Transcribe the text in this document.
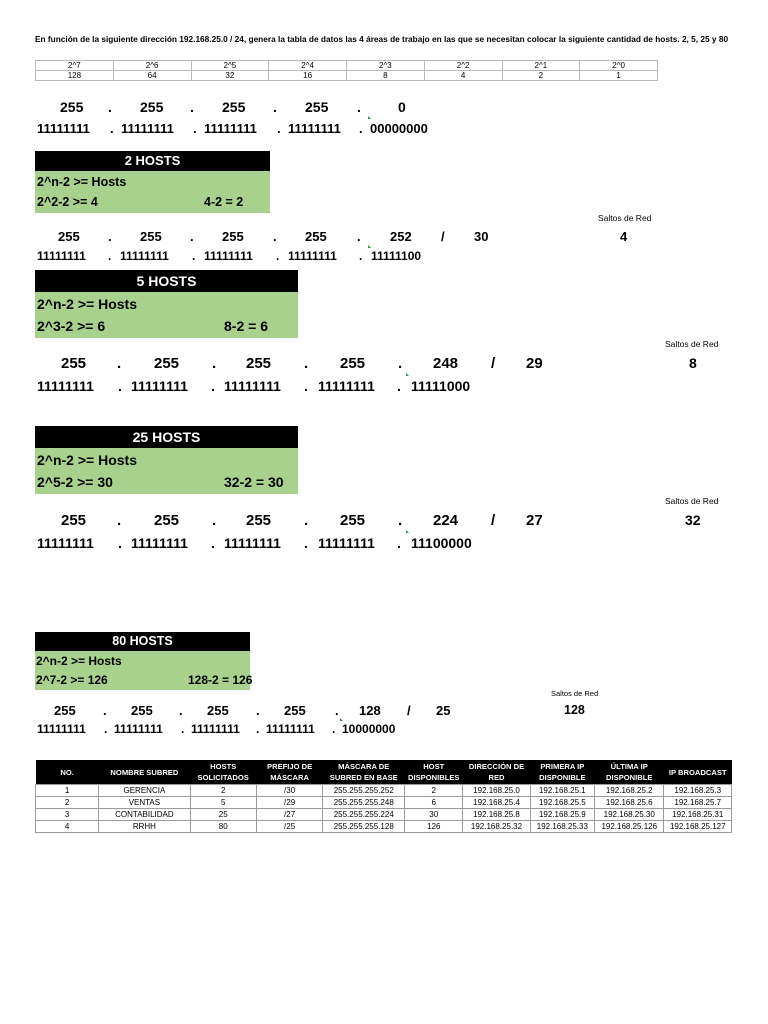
En función de la siguiente dirección 192.168.25.0 / 24, genera la tabla de datos las 4 áreas de trabajo en las que se necesitan colocar la siguiente cantidad de hosts. 2, 5, 25 y 80
2^7	2^6	2^5	2^4	2^3	2^2	2^1	2^0
128	64	32	16	8	4	2	1
255 . 255 . 255 . 255 .	0
11111111 . 11111111 . 11111111 . 11111111 . 00000000
2 HOSTS
2^n-2 >= Hosts
2^2-2 >= 4	4-2 = 2
Saltos de Red
4
255 . 255 . 255 . 255 . 252 / 30
11111111 . 11111111 . 11111111 . 11111111 . 11111100
5 HOSTS
2^n-2 >= Hosts
2^3-2 >= 6	8-2 = 6
Saltos de Red
8
255 . 255 . 255 . 255 . 248 / 29
11111111 . 11111111 . 11111111 . 11111111 . 11111000
25 HOSTS
2^n-2 >= Hosts
2^5-2 >= 30	32-2 = 30
Saltos de Red
32
255 . 255 . 255 . 255 . 224 / 27
11111111 . 11111111 . 11111111 . 11111111 . 11100000
80 HOSTS
2^n-2 >= Hosts
2^7-2 >= 126	128-2 = 126
Saltos de Red
128
255 . 255 . 255 . 255 . 128 / 25
11111111 . 11111111 . 11111111 . 11111111 . 10000000
NO.	NOMBRE SUBRED	HOSTS SOLICITADOS	PREFIJO DE MÁSCARA	MÁSCARA DE SUBRED EN BASE	HOST DISPONIBLES	DIRECCIÓN DE RED	PRIMERA IP DISPONIBLE	ÚLTIMA IP DISPONIBLE	IP BROADCAST
1	GERENCIA	2	/30	255.255.255.252	2	192.168.25.0	192.168.25.1	192.168.25.2	192.168.25.3
2	VENTAS	5	/29	255.255.255.248	6	192.168.25.4	192.168.25.5	192.168.25.6	192.168.25.7
3	CONTABILIDAD	25	/27	255.255.255.224	30	192.168.25.8	192.168.25.9	192.168.25.30	192.168.25.31
4	RRHH	80	/25	255.255.255.128	126	192.168.25.32	192.168.25.33	192.168.25.126	192.168.25.127
